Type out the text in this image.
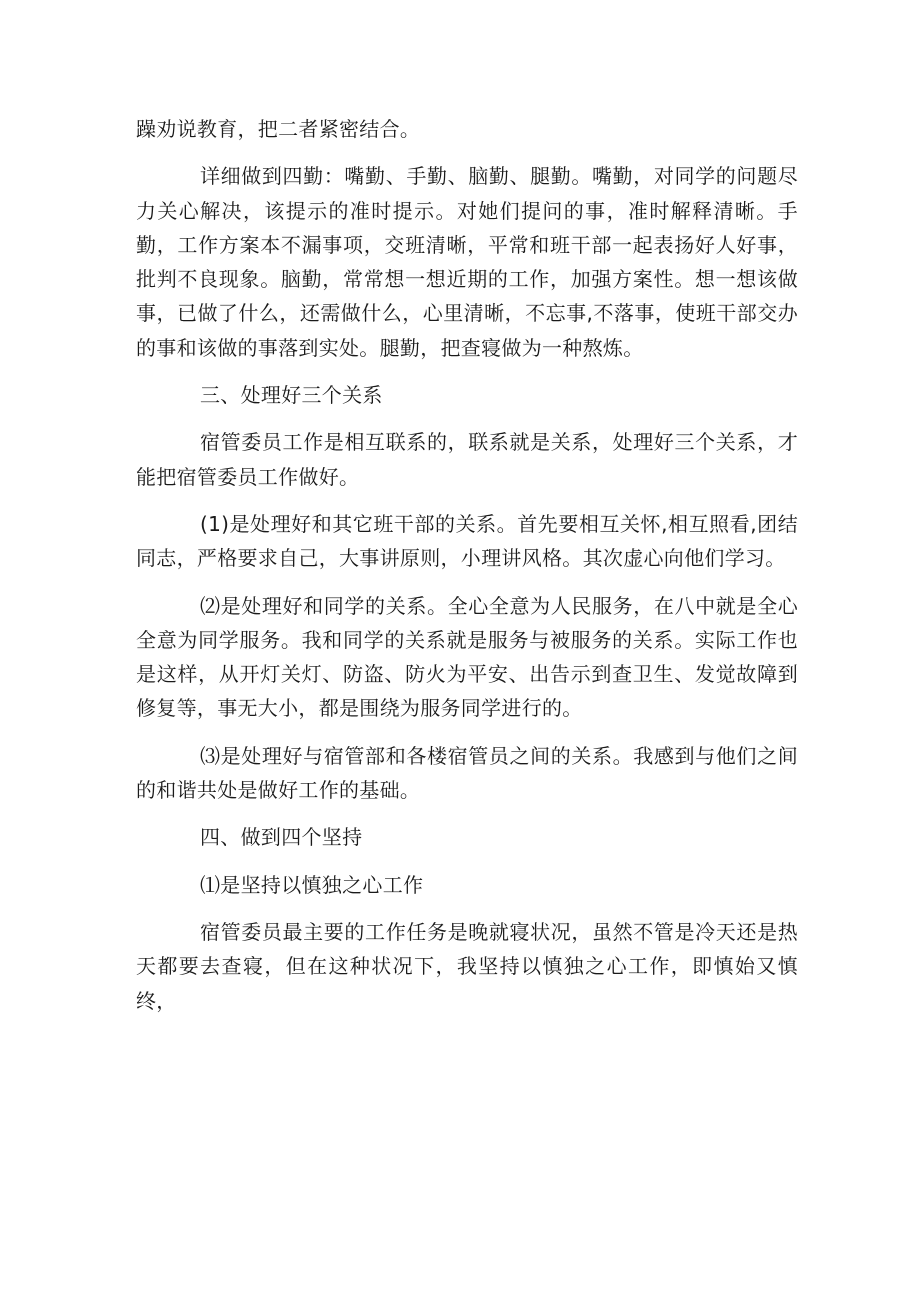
躁劝说教育，把二者紧密结合。

详细做到四勤：嘴勤、手勤、脑勤、腿勤。嘴勤，对同学的问题尽力关心解决，该提示的准时提示。对她们提问的事，准时解释清晰。手勤，工作方案本不漏事项，交班清晰，平常和班干部一起表扬好人好事，批判不良现象。脑勤，常常想一想近期的工作，加强方案性。想一想该做事，已做了什么，还需做什么，心里清晰，不忘事,不落事，使班干部交办的事和该做的事落到实处。腿勤，把查寝做为一种熬炼。

三、处理好三个关系

宿管委员工作是相互联系的，联系就是关系，处理好三个关系，才能把宿管委员工作做好。

(1)是处理好和其它班干部的关系。首先要相互关怀,相互照看,团结同志，严格要求自己，大事讲原则，小理讲风格。其次虚心向他们学习。

⑵是处理好和同学的关系。全心全意为人民服务，在八中就是全心全意为同学服务。我和同学的关系就是服务与被服务的关系。实际工作也是这样，从开灯关灯、防盗、防火为平安、出告示到查卫生、发觉故障到修复等，事无大小，都是围绕为服务同学进行的。

⑶是处理好与宿管部和各楼宿管员之间的关系。我感到与他们之间的和谐共处是做好工作的基础。

四、做到四个坚持

⑴是坚持以慎独之心工作

宿管委员最主要的工作任务是晚就寝状况，虽然不管是冷天还是热天都要去查寝，但在这种状况下，我坚持以慎独之心工作，即慎始又慎终，
